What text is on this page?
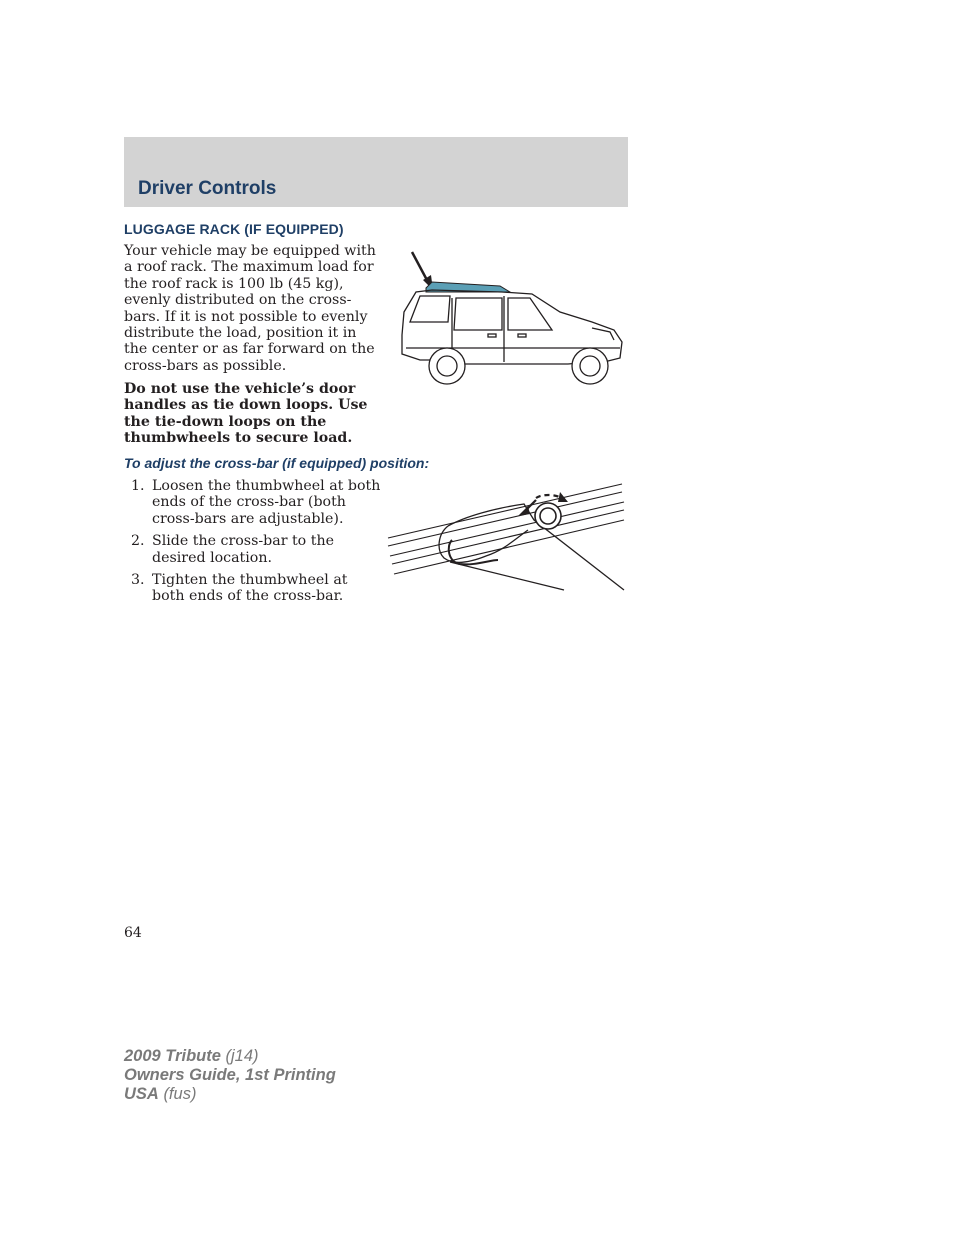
Driver Controls
LUGGAGE RACK (IF EQUIPPED)

Your vehicle may be equipped with a roof rack. The maximum load for the roof rack is 100 lb (45 kg), evenly distributed on the cross-bars. If it is not possible to evenly distribute the load, position it in the center or as far forward on the cross-bars as possible.

Do not use the vehicle’s door handles as tie down loops. Use the tie-down loops on the thumbwheels to secure load.

To adjust the cross-bar (if equipped) position:
1. Loosen the thumbwheel at both ends of the cross-bar (both cross-bars are adjustable).
2. Slide the cross-bar to the desired location.
3. Tighten the thumbwheel at both ends of the cross-bar.

64

2009 Tribute (j14)
Owners Guide, 1st Printing
USA (fus)
